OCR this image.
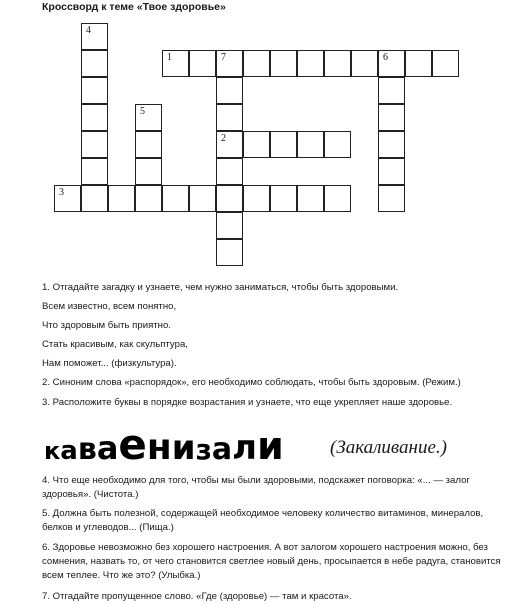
Кроссворд к теме «Твое здоровье»
1	7	6
2
3
4
5
1. Отгадайте загадку и узнаете, чем нужно заниматься, чтобы быть здоровыми.
Всем известно, всем понятно,
Что здоровым быть приятно.
Стать красивым, как скульптура,
Нам поможет... (физкультура).
2. Синоним слова «распорядок», его необходимо соблюдать, чтобы быть здоровым. (Режим.)
3. Расположите буквы в порядке возрастания и узнаете, что еще укрепляет наше здоровье.
каваенизали (Закаливание.)
4. Что еще необходимо для того, чтобы мы были здоровыми, подскажет поговорка: «... — залог здоровья». (Чистота.)
5. Должна быть полезной, содержащей необходимое человеку количество витаминов, минералов, белков и углеводов... (Пища.)
6. Здоровье невозможно без хорошего настроения. А вот залогом хорошего настроения можно, без сомнения, назвать то, от чего становится светлее новый день, просыпается в небе радуга, становится всем теплее. Что же это? (Улыбка.)
7. Отгадайте пропущенное слово. «Где (здоровье) — там и красота».
